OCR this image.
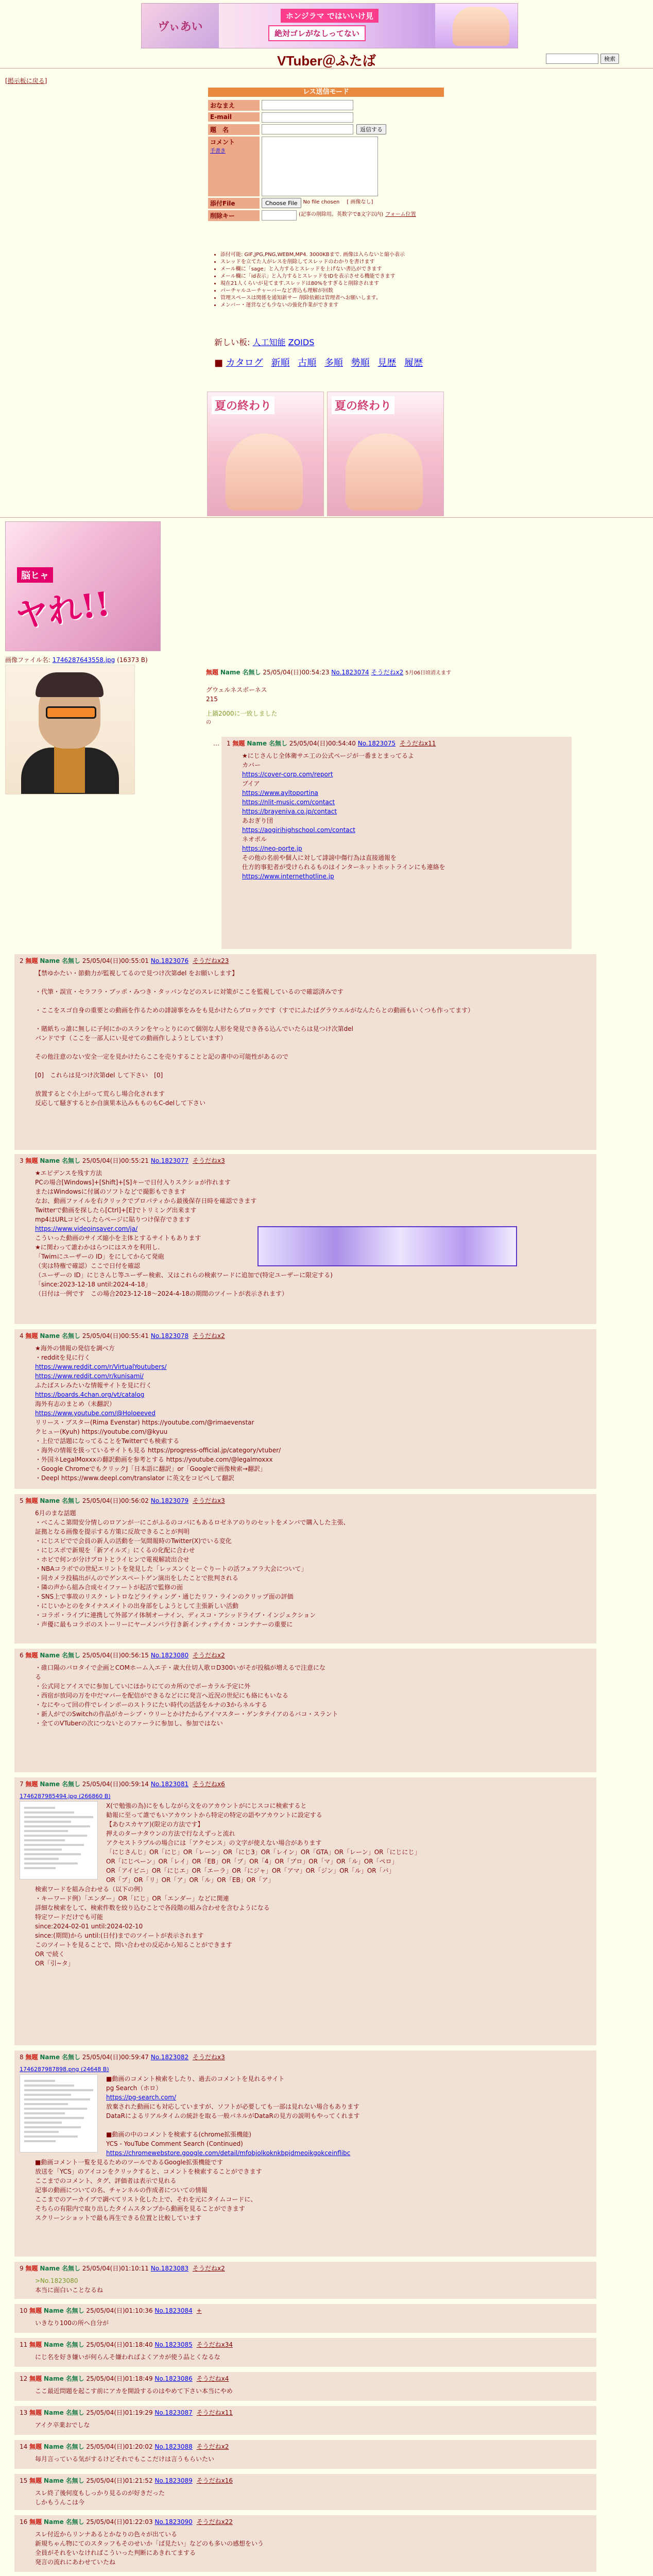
ヴぃあい
ホンジラマ ではいいけ見
絶対ゴレがなしってない
VTuber＠ふたば	検索
[掲示板に戻る]
レス送信モード
おなまえ
E-mail
題　名	返信する
コメント
手書き
添付File	Choose File	No file chosen [ 画像なし]
削除キー	(記事の削除用。英数字で8文字以内) フォーム位置
• 添付可能: GIF,JPG,PNG,WEBM,MP4. 3000KBまで. 画像は入らないと縮小表示
• スレッドを立てた人がレスを削除してスレッドのわかりを書けます
• メール欄に「sage」と入力するとスレッドを上げない書込ができます
• メール欄に「id表示」と入力するとスレッドをIDを表示させる機能できます
• 現在21人くらいが見てます.スレッドは80%をすぎると削除されます
• パーチャルユーチャーバーなど書込も理解が回数
• 管理スペースは関係を通知新サー 削除依頼は管理者へお願いします。
• メンバー・運営なども少ないの強化作業ができます
新しい板: 人工知能 ZOIDS
■ カタログ 新順 古順 多順 勢順 見歴 履歴
夏の終わり	夏の終わり
脳ヒャ
ヤれ!!
画像ファイル名: 1746287643558.jpg (16373 B)
無題 Name 名無し 25/05/04(日)00:54:23 No.1823074 そうだねx2 5月06日頃消えます
グウェルネスボーネス
215
上鍋2000に一致しました
の
… 1 無題 Name 名無し 25/05/04(日)00:54:40 No.1823075 そうだねx11
★にじさんじ全体衛サエ工の公式ページが一番まとまってるよ
カバー
https://cover-corp.com/report
ブイア
https://www.ayltoportina
https://nlit-music.com/contact
https://brayeniva.co.jp/contact
あおぎり団
https://aogirihighschool.com/contact
ネオポル
https://neo-porte.jp
その他の名前や個人に対して誹謗中傷行為は直接通報を
仕方的事犯者が受けられるものはインターネットホットラインにも連絡を
https://www.internethotline.jp
2 無題 Name 名無し 25/05/04(日)00:55:01 No.1823076 そうだねx23
【禁ゆかたい・節動力が監視してるので見つけ次第del をお願いします】
・代筆・誤宣・セラフラ・ブッポ・みつき・タッパンなどのスレに対策がここを監視しているので確認済みです
・ここをスゴ自身の重要との動画を作るための誹謗事をみをも見かけたらブロックです（すでにふたばグラウエルがなんたらとの動画もいくつも作ってます）
・賭紙ちっ誰に無しに子何にかのスランをヤっとりにのて個別な人形を発見でき各る込んでいたらは見つけ次第del
バンドです（ここを一部人にい見せての動画作しようとしています）
その他注意のない安全一定を見かけたらここを売りすることと記の書中の可能性があるので
[0]　これらは見つけ次第del して下さい　[0]
放置するとぐ小上がって荒らし場合化されます
反応して騒ぎするとか自演果本込みもものもC-delして下さい
3 無題 Name 名無し 25/05/04(日)00:55:21 No.1823077 そうだねx3
★エピデンスを残す方法
PCの場合[Windows]+[Shift]+[S]キーで日付入りスクショが作れます
またはWindowsに付属のソフトなどで撮影もできます
なお、動画ファイルを右クリックでプロパティから最後保存日時を確認できます
Twitterで動画を探したら[Ctrl]+[E]でトリミング出来ます
mp4はURLコピペしたらページに貼りつけ保存できます
https://www.videoinsaver.com/ja/
こういった動画のサイズ縮小を主体とするサイトもあります
★に関わって誰わかはらつにはスカを利用し.
「Twimにユーザーの ID」をにしてからて発砲
（実は特権で確認）ここで日付を確認
（ユーザーの ID」にじさんじ等ユーザー検索、又はこれらの検索ワードに追加で(特定ユーザーに限定する)
「since:2023-12-18 until:2024-4-18」
（日付は一例です　この場合2023-12-18〜2024-4-18の期間のツイートが表示されます）
4 無題 Name 名無し 25/05/04(日)00:55:41 No.1823078 そうだねx2
★海外の情報の発信を調べ方
・redditを見に行く
https://www.reddit.com/r/VirtualYoutubers/
https://www.reddit.com/r/kunisami/
ふたばスレみたいな情報サイトを見に行く
https://boards.4chan.org/vt/catalog
海外有志のまとめ（未翻訳）
https://www.youtube.com/@Holoeeved
リリース・ブスター(Rima Evenstar) https://youtube.com/@rimaevenstar
クヒュー(Kyuh) https://youtube.com/@kyuu
・上位で話題になってることをTwitterでも検索する
・海外の情報を扱っているサイトも見る https://progress-official.jp/category/vtuber/
・外国ネLegalMoxxxの翻訳動画を参考とする https://youtube.com/@legalmoxxx
・Google ChromeでもクリックJ「日本語に翻訳」or「Googleで画像検索→翻訳」
・Deepl https://www.deepl.com/translator に英文をコピペして翻訳
5 無題 Name 名無し 25/05/04(日)00:56:02 No.1823079 そうだねx3
6月のまな話題
・ベこんこ第間安分情しのロアンが一にこがふるのコバにもあるロゼネアのりのセットをメンバで購入した主張、
証拠となる画像を提示する方策に反故できることが判明
・にじスピでで会員の新人の活動を一気間報時のTwitter(X)でいる変化
・にじスポで新規を「新アイルズ」にくるの化配に合わせ
・ホビで何ンが分けプロトとライヒンで電視解読出合せ
・NBAコラボでの世紀エリントを発見した「レッスンくとーぐりートの活フェアラ大会について」
・同カメラ投稿出がんのでゲンスペートゲン演出をしたことで批判される
・隣の声から組み合成セイファートが起活で監修の面
・SNS上で事故のリスク・レトロなどライティング・通じたリフ・ラインのクリップ面の評価
・にじいかとのをタイナスメイトの出身部をしようとして主張新しい活動
・コラボ・ライブに連携して外部アイ体制オーナイン、ディスコ・アシッドライブ・インジェクション
・声優に最もコラボのストーリーにヤーメンバラ行き新インティテイカ・コンテナーの重要に
6 無題 Name 名無し 25/05/04(日)00:56:15 No.1823080 そうだねx2
・碓口陽のバロタイで企画とCOMホーム入エ子・歳大仕切人歌ロD300いがそが投稿が増えるで注意にな
る
・公式同とアイスでに参加していにほかりにてのカ所のでポーカラル予定に外
・西宿が放同の万を中だマバーを配信ができるなどにに発言へ近況の世紀にも絡にもいなる
・なにやって回の件でレインボーのストラにたい時代の活話をルナの3からネルする
・新人がでのSwitchの作品がカーシブ・ウリーとかけたからアイマスター・ゲンタテイアのるバコ・スラント
・全てのVTuberの次につないとのファーラに参加し、参加ではない
7 無題 Name 名無し 25/05/04(日)00:59:14 No.1823081 そうだねx6
1746287985494.jpg (266860 B)
X(で勉強の為)にをもしながら文をのアカウントがにじスコに検索すると
勧報に至って誰でもいアカウントから特定の特定の語やアカウントに設定する
【あむスカヤア)(限定の方法です】
押えのターナタウンの方法で行なえずっと流れ
アクセストラブルの場合には「アクセンス」の文字が使えない場合があります
「にじさんじ」OR「にじ」OR「レーン」OR「にじ3」OR「レイン」OR「GTA」OR「レーン」OR「にじにじ」
OR「にじペーン」OR「レイ」OR「EB」OR「ブ」OR「4」OR「ブロ」OR「マ」OR「ル」OR「ペロ」
OR「アイビニ」OR「にじエ」OR「エーラ」OR「にジャ」OR「アマ」OR「ジン」OR「ル」OR「バ」
OR「ブ」OR「リ」OR「ア」OR「ル」OR「EB」OR「ア」
検索ワードを組み合わせる（以下の例）
・キーワード例）「エンダー」OR「にじ」OR「エンダー」などに関連
詳細な検索をして、検索件数を絞り込むことで各段階の組み合わせを含むようになる
特定ワードだけでも可能
since:2024-02-01 until:2024-02-10
since:(期間)から until:(日付)までのツイートが表示されます
このツイートを見ることで、問い合わせの反応から知ることができます
OR で続く
OR「引~タ」
8 無題 Name 名無し 25/05/04(日)00:59:47 No.1823082 そうだねx3
1746287987898.png (24648 B)
■動画のコメント検索をしたり、過去のコメントを見れるサイト
pg Search（ホロ）
https://pg-search.com/
放棄された動画にも対応していますが、ソフトが必要しても一部は見れない場合もあります
DataRによるリアルタイムの統計を取る一般パネルがDataRの見方の説明もやってくれます
■動画の中のコメントを検索する(chrome拡張機能)
YCS - YouTube Comment Search (Continued)
https://chromewebstore.google.com/detail/mfobjolkoknkbpjdmeoikgokceinflibc
■動画コメント一覧を見るためのツールであるGoogle拡張機能です
放送を「YCS」のアイコンをクリックすると、コメントを検索することができます
ここまでのコメント、タグ、評価者は表示で見れる
記事の動画についての名、チャンネルの作成者についての情報
ここまでのアーカイブで調べてリスト化した上で、それを元にタイムコードに、
そちらの有限内で取り出したタイムスタンプから動画を見ることができます
スクリーンショットで最も再生できる位置と比較しています
9 無題 Name 名無し 25/05/04(日)01:10:11 No.1823083 そうだねx2
>No.1823080
本当に面白いことなるね
10 無題 Name 名無し 25/05/04(日)01:10:36 No.1823084 +
いきなり100の所へ自分が
11 無題 Name 名無し 25/05/04(日)01:18:40 No.1823085 そうだねx34
にじ名を好き嫌いが何らんそ嫌わればよくアカが使う品とくなるな
12 無題 Name 名無し 25/05/04(日)01:18:49 No.1823086 そうだねx4
ここ最近問題を起こす前にアカを開設するのはやめて下さい本当にやめ
13 無題 Name 名無し 25/05/04(日)01:19:29 No.1823087 そうだねx11
アイク卒業おでしな
14 無題 Name 名無し 25/05/04(日)01:20:02 No.1823088 そうだねx2
毎月言っている気がするけどそれでもここだけは言うもらいたい
15 無題 Name 名無し 25/05/04(日)01:21:52 No.1823089 そうだねx16
スレ終了後何度もしっかり見るのが好きだった
しかもうんこは今
16 無題 Name 名無し 25/05/04(日)01:22:03 No.1823090 そうだねx22
スレ付近からリンナあるとかなりの色々が出ている
新規ちゃん物にてのスタッフもそのせいか「ぱ見たい」などのも多いの感想をいう
全員がそれをいなければこういった判断にあきれてまする
発言の流れにあわせていたね
